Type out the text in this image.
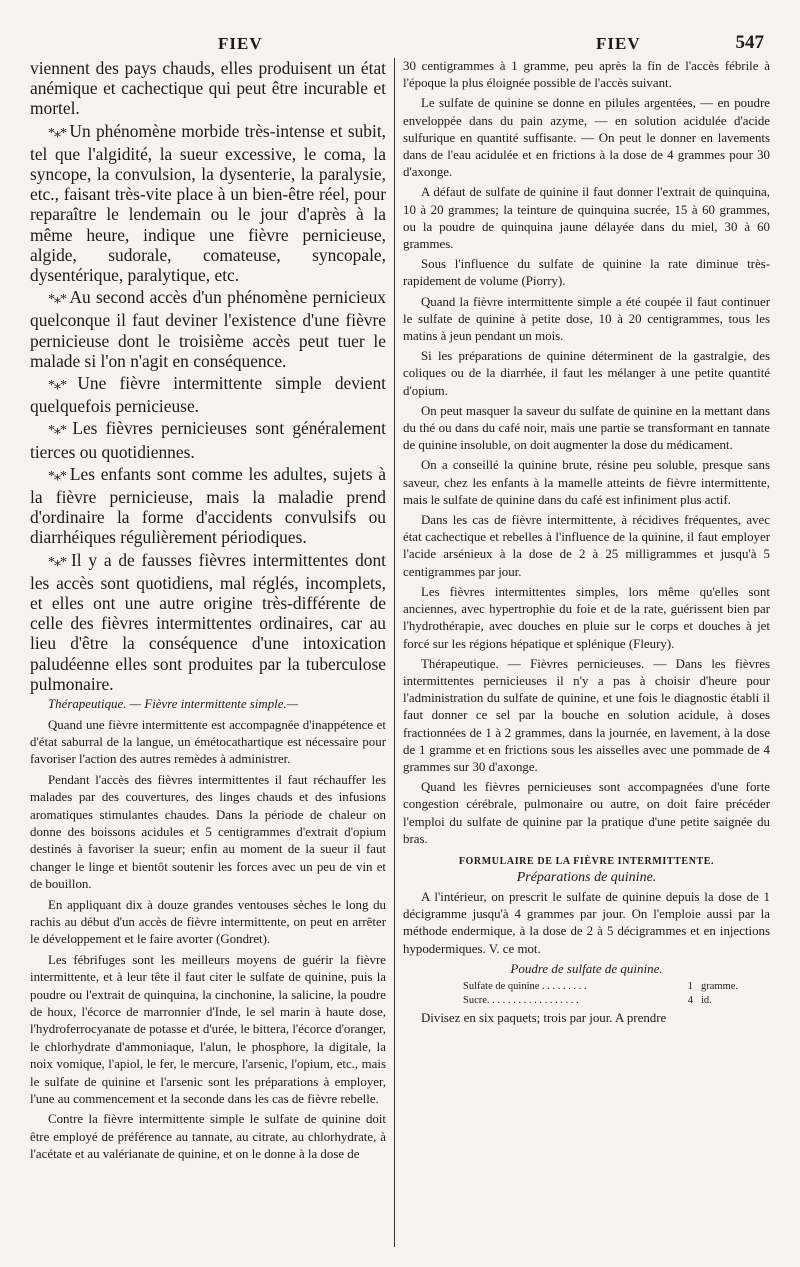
FIEV	FIEV	547

viennent des pays chauds, elles produisent un état anémique et cachectique qui peut être incurable et mortel.

*⁎* Un phénomène morbide très-intense et subit, tel que l'algidité, la sueur excessive, le coma, la syncope, la convulsion, la dysenterie, la paralysie, etc., faisant très-vite place à un bien-être réel, pour reparaître le lendemain ou le jour d'après à la même heure, indique une fièvre pernicieuse, algide, sudorale, comateuse, syncopale, dysentérique, paralytique, etc.

*⁎* Au second accès d'un phénomène pernicieux quelconque il faut deviner l'existence d'une fièvre pernicieuse dont le troisième accès peut tuer le malade si l'on n'agit en conséquence.

*⁎* Une fièvre intermittente simple devient quelquefois pernicieuse.

*⁎* Les fièvres pernicieuses sont généralement tierces ou quotidiennes.

*⁎* Les enfants sont comme les adultes, sujets à la fièvre pernicieuse, mais la maladie prend d'ordinaire la forme d'accidents convulsifs ou diarrhéiques régulièrement périodiques.

*⁎* Il y a de fausses fièvres intermittentes dont les accès sont quotidiens, mal réglés, incomplets, et elles ont une autre origine très-différente de celle des fièvres intermittentes ordinaires, car au lieu d'être la conséquence d'une intoxication paludéenne elles sont produites par la tuberculose pulmonaire.

Thérapeutique. — Fièvre intermittente simple.—

Quand une fièvre intermittente est accompagnée d'inappétence et d'état saburral de la langue, un émétocathartique est nécessaire pour favoriser l'action des autres remèdes à administrer.

Pendant l'accès des fièvres intermittentes il faut réchauffer les malades par des couvertures, des linges chauds et des infusions aromatiques stimulantes chaudes. Dans la période de chaleur on donne des boissons acidules et 5 centigrammes d'extrait d'opium destinés à favoriser la sueur; enfin au moment de la sueur il faut changer le linge et bientôt soutenir les forces avec un peu de vin et de bouillon.

En appliquant dix à douze grandes ventouses sèches le long du rachis au début d'un accès de fièvre intermittente, on peut en arrêter le développement et le faire avorter (Gondret).

Les fébrifuges sont les meilleurs moyens de guérir la fièvre intermittente, et à leur tête il faut citer le sulfate de quinine, puis la poudre ou l'extrait de quinquina, la cinchonine, la salicine, la poudre de houx, l'écorce de marronnier d'Inde, le sel marin à haute dose, l'hydroferrocyanate de potasse et d'urée, le bittera, l'écorce d'oranger, le chlorhydrate d'ammoniaque, l'alun, le phosphore, la digitale, la noix vomique, l'apiol, le fer, le mercure, l'arsenic, l'opium, etc., mais le sulfate de quinine et l'arsenic sont les préparations à employer, l'une au commencement et la seconde dans les cas de fièvre rebelle.

Contre la fièvre intermittente simple le sulfate de quinine doit être employé de préférence au tannate, au citrate, au chlorhydrate, à l'acétate et au valérianate de quinine, et on le donne à la dose de

30 centigrammes à 1 gramme, peu après la fin de l'accès fébrile à l'époque la plus éloignée possible de l'accès suivant.

Le sulfate de quinine se donne en pilules argentées, — en poudre enveloppée dans du pain azyme, — en solution acidulée d'acide sulfurique en quantité suffisante. — On peut le donner en lavements dans de l'eau acidulée et en frictions à la dose de 4 grammes pour 30 d'axonge.

A défaut de sulfate de quinine il faut donner l'extrait de quinquina, 10 à 20 grammes; la teinture de quinquina sucrée, 15 à 60 grammes, ou la poudre de quinquina jaune délayée dans du miel, 30 à 60 grammes.

Sous l'influence du sulfate de quinine la rate diminue très-rapidement de volume (Piorry).

Quand la fièvre intermittente simple a été coupée il faut continuer le sulfate de quinine à petite dose, 10 à 20 centigrammes, tous les matins à jeun pendant un mois.

Si les préparations de quinine déterminent de la gastralgie, des coliques ou de la diarrhée, il faut les mélanger à une petite quantité d'opium.

On peut masquer la saveur du sulfate de quinine en la mettant dans du thé ou dans du café noir, mais une partie se transformant en tannate de quinine insoluble, on doit augmenter la dose du médicament.

On a conseillé la quinine brute, résine peu soluble, presque sans saveur, chez les enfants à la mamelle atteints de fièvre intermittente, mais le sulfate de quinine dans du café est infiniment plus actif.

Dans les cas de fièvre intermittente, à récidives fréquentes, avec état cachectique et rebelles à l'influence de la quinine, il faut employer l'acide arsénieux à la dose de 2 à 25 milligrammes et jusqu'à 5 centigrammes par jour.

Les fièvres intermittentes simples, lors même qu'elles sont anciennes, avec hypertrophie du foie et de la rate, guérissent bien par l'hydrothérapie, avec douches en pluie sur le corps et douches à jet forcé sur les régions hépatique et splénique (Fleury).

Thérapeutique. — Fièvres pernicieuses. — Dans les fièvres intermittentes pernicieuses il n'y a pas à choisir d'heure pour l'administration du sulfate de quinine, et une fois le diagnostic établi il faut donner ce sel par la bouche en solution acidule, à doses fractionnées de 1 à 2 grammes, dans la journée, en lavement, à la dose de 1 gramme et en frictions sous les aisselles avec une pommade de 4 grammes sur 30 d'axonge.

Quand les fièvres pernicieuses sont accompagnées d'une forte congestion cérébrale, pulmonaire ou autre, on doit faire précéder l'emploi du sulfate de quinine par la pratique d'une petite saignée du bras.

FORMULAIRE DE LA FIÈVRE INTERMITTENTE.
Préparations de quinine.

A l'intérieur, on prescrit le sulfate de quinine depuis la dose de 1 décigramme jusqu'à 4 grammes par jour. On l'emploie aussi par la méthode endermique, à la dose de 2 à 5 décigrammes et en injections hypodermiques. V. ce mot.

Poudre de sulfate de quinine.
Sulfate de quinine . . . . . . . . .	1 gramme.
Sucre. . . . . . . . . . . . . . . . . .	4 id.

Divisez en six paquets; trois par jour. A prendre
